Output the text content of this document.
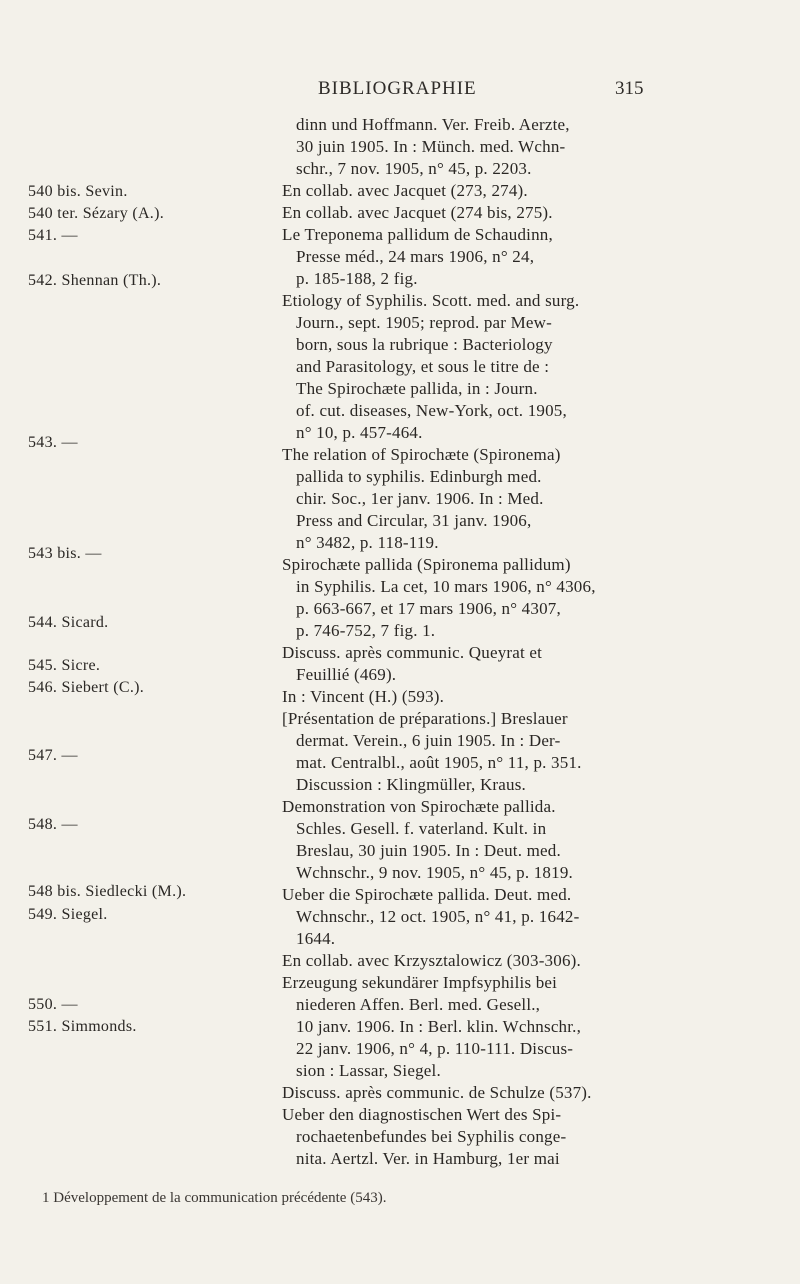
BIBLIOGRAPHIE	315
540 bis. Sevin.
540 ter. Sézary (A.).
541. —
542. Shennan (Th.).
543. —
543 bis. —
544. Sicard.
545. Sicre.
546. Siebert (C.).
547. —
548. —
548 bis. Siedlecki (M.).
549. Siegel.
550. —
551. Simmonds.
dinn und Hoffmann. Ver. Freib. Aerzte,
30 juin 1905. In : Münch. med. Wchn-
schr., 7 nov. 1905, n° 45, p. 2203.
En collab. avec Jacquet (273, 274).
En collab. avec Jacquet (274 bis, 275).
Le Treponema pallidum de Schaudinn,
Presse méd., 24 mars 1906, n° 24,
p. 185-188, 2 fig.
Etiology of Syphilis. Scott. med. and surg.
Journ., sept. 1905; reprod. par Mew-
born, sous la rubrique : Bacteriology
and Parasitology, et sous le titre de :
The Spirochæte pallida, in : Journ.
of. cut. diseases, New-York, oct. 1905,
n° 10, p. 457-464.
The relation of Spirochæte (Spironema)
pallida to syphilis. Edinburgh med.
chir. Soc., 1er janv. 1906. In : Med.
Press and Circular, 31 janv. 1906,
n° 3482, p. 118-119.
Spirochæte pallida (Spironema pallidum)
in Syphilis. La cet, 10 mars 1906, n° 4306,
p. 663-667, et 17 mars 1906, n° 4307,
p. 746-752, 7 fig. 1.
Discuss. après communic. Queyrat et
Feuillié (469).
In : Vincent (H.) (593).
[Présentation de préparations.] Breslauer
dermat. Verein., 6 juin 1905. In : Der-
mat. Centralbl., août 1905, n° 11, p. 351.
Discussion : Klingmüller, Kraus.
Demonstration von Spirochæte pallida.
Schles. Gesell. f. vaterland. Kult. in
Breslau, 30 juin 1905. In : Deut. med.
Wchnschr., 9 nov. 1905, n° 45, p. 1819.
Ueber die Spirochæte pallida. Deut. med.
Wchnschr., 12 oct. 1905, n° 41, p. 1642-
1644.
En collab. avec Krzysztalowicz (303-306).
Erzeugung sekundärer Impfsyphilis bei
niederen Affen. Berl. med. Gesell.,
10 janv. 1906. In : Berl. klin. Wchnschr.,
22 janv. 1906, n° 4, p. 110-111. Discus-
sion : Lassar, Siegel.
Discuss. après communic. de Schulze (537).
Ueber den diagnostischen Wert des Spi-
rochaetenbefundes bei Syphilis conge-
nita. Aertzl. Ver. in Hamburg, 1er mai
1 Développement de la communication précédente (543).
